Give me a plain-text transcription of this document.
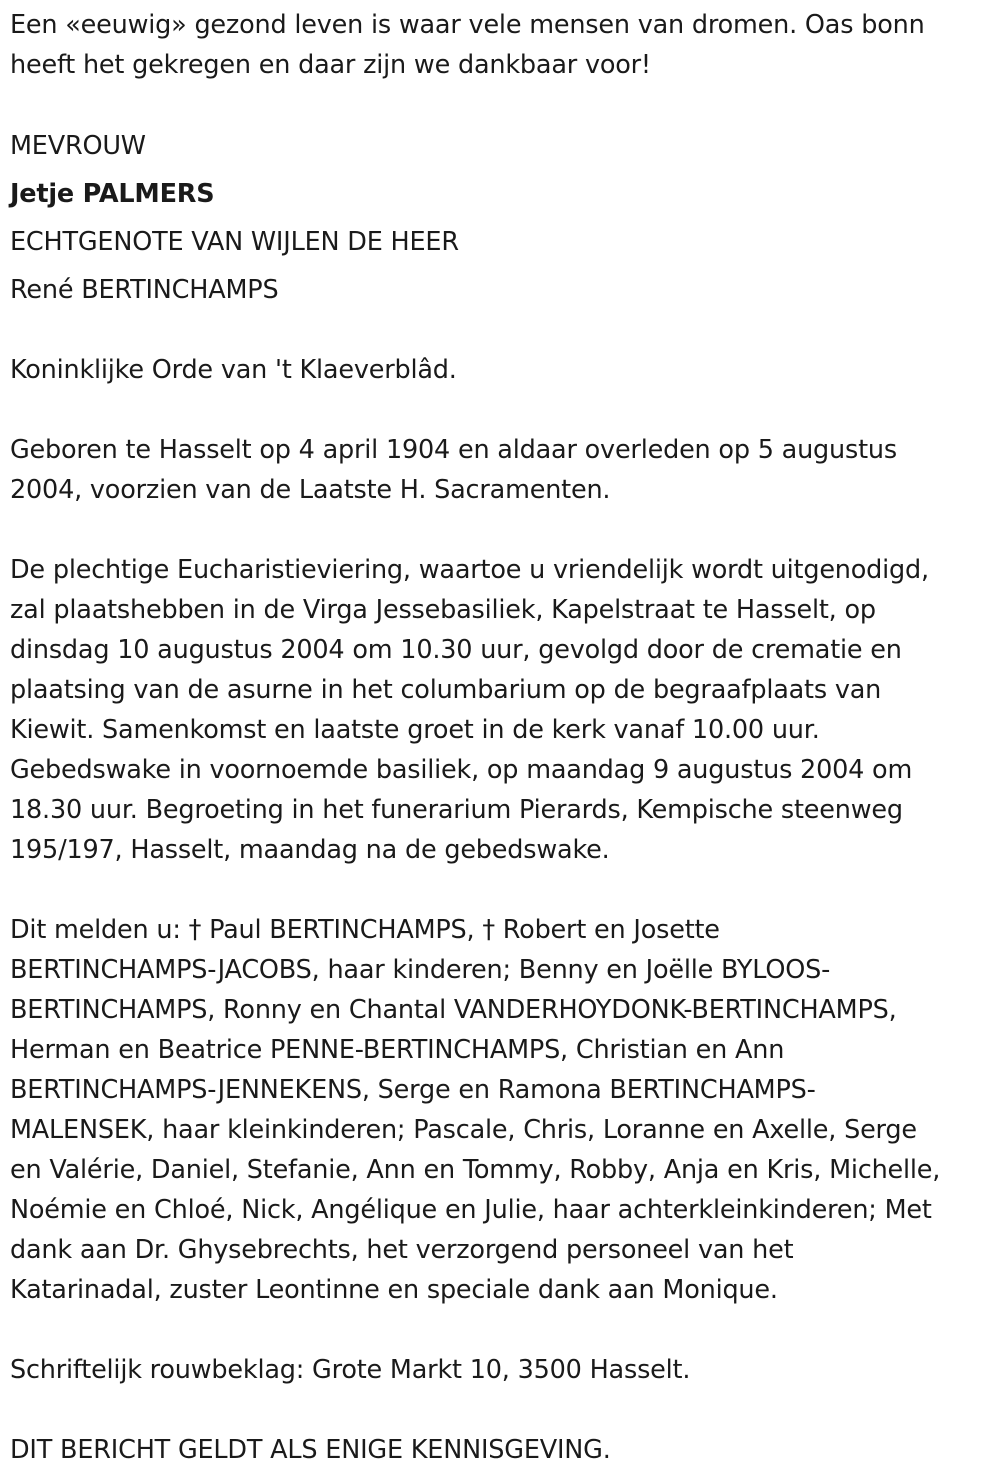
Een «eeuwig» gezond leven is waar vele mensen van dromen. Oas bonn
heeft het gekregen en daar zijn we dankbaar voor!
MEVROUW
Jetje PALMERS
ECHTGENOTE VAN WIJLEN DE HEER
René BERTINCHAMPS
Koninklijke Orde van 't Klaeverblâd.
Geboren te Hasselt op 4 april 1904 en aldaar overleden op 5 augustus
2004, voorzien van de Laatste H. Sacramenten.
De plechtige Eucharistieviering, waartoe u vriendelijk wordt uitgenodigd,
zal plaatshebben in de Virga Jessebasiliek, Kapelstraat te Hasselt, op
dinsdag 10 augustus 2004 om 10.30 uur, gevolgd door de crematie en
plaatsing van de asurne in het columbarium op de begraafplaats van
Kiewit. Samenkomst en laatste groet in de kerk vanaf 10.00 uur.
Gebedswake in voornoemde basiliek, op maandag 9 augustus 2004 om
18.30 uur. Begroeting in het funerarium Pierards, Kempische steenweg
195/197, Hasselt, maandag na de gebedswake.
Dit melden u: † Paul BERTINCHAMPS, † Robert en Josette
BERTINCHAMPS-JACOBS, haar kinderen; Benny en Joëlle BYLOOS-
BERTINCHAMPS, Ronny en Chantal VANDERHOYDONK-BERTINCHAMPS,
Herman en Beatrice PENNE-BERTINCHAMPS, Christian en Ann
BERTINCHAMPS-JENNEKENS, Serge en Ramona BERTINCHAMPS-
MALENSEK, haar kleinkinderen; Pascale, Chris, Loranne en Axelle, Serge
en Valérie, Daniel, Stefanie, Ann en Tommy, Robby, Anja en Kris, Michelle,
Noémie en Chloé, Nick, Angélique en Julie, haar achterkleinkinderen; Met
dank aan Dr. Ghysebrechts, het verzorgend personeel van het
Katarinadal, zuster Leontinne en speciale dank aan Monique.
Schriftelijk rouwbeklag: Grote Markt 10, 3500 Hasselt.
DIT BERICHT GELDT ALS ENIGE KENNISGEVING.
